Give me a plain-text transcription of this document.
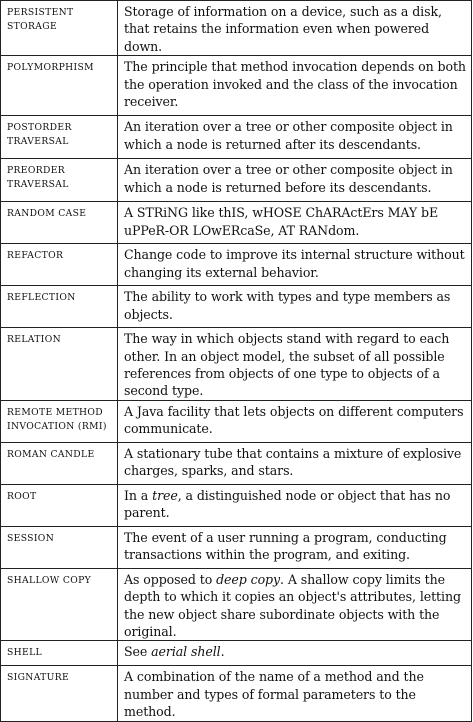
PERSISTENT STORAGE	Storage of information on a device, such as a disk, that retains the information even when powered down.
POLYMORPHISM	The principle that method invocation depends on both the operation invoked and the class of the invocation receiver.
POSTORDER TRAVERSAL	An iteration over a tree or other composite object in which a node is returned after its descendants.
PREORDER TRAVERSAL	An iteration over a tree or other composite object in which a node is returned before its descendants.
RANDOM CASE	A STRiNG like thIS, wHOSE ChARActErs MAY bE uPPeR-OR LOwERcaSe, AT RANdom.
REFACTOR	Change code to improve its internal structure without changing its external behavior.
REFLECTION	The ability to work with types and type members as objects.
RELATION	The way in which objects stand with regard to each other. In an object model, the subset of all possible references from objects of one type to objects of a second type.
REMOTE METHOD INVOCATION (RMI)	A Java facility that lets objects on different computers communicate.
ROMAN CANDLE	A stationary tube that contains a mixture of explosive charges, sparks, and stars.
ROOT	In a tree, a distinguished node or object that has no parent.
SESSION	The event of a user running a program, conducting transactions within the program, and exiting.
SHALLOW COPY	As opposed to deep copy. A shallow copy limits the depth to which it copies an object's attributes, letting the new object share subordinate objects with the original.
SHELL	See aerial shell.
SIGNATURE	A combination of the name of a method and the number and types of formal parameters to the method.
